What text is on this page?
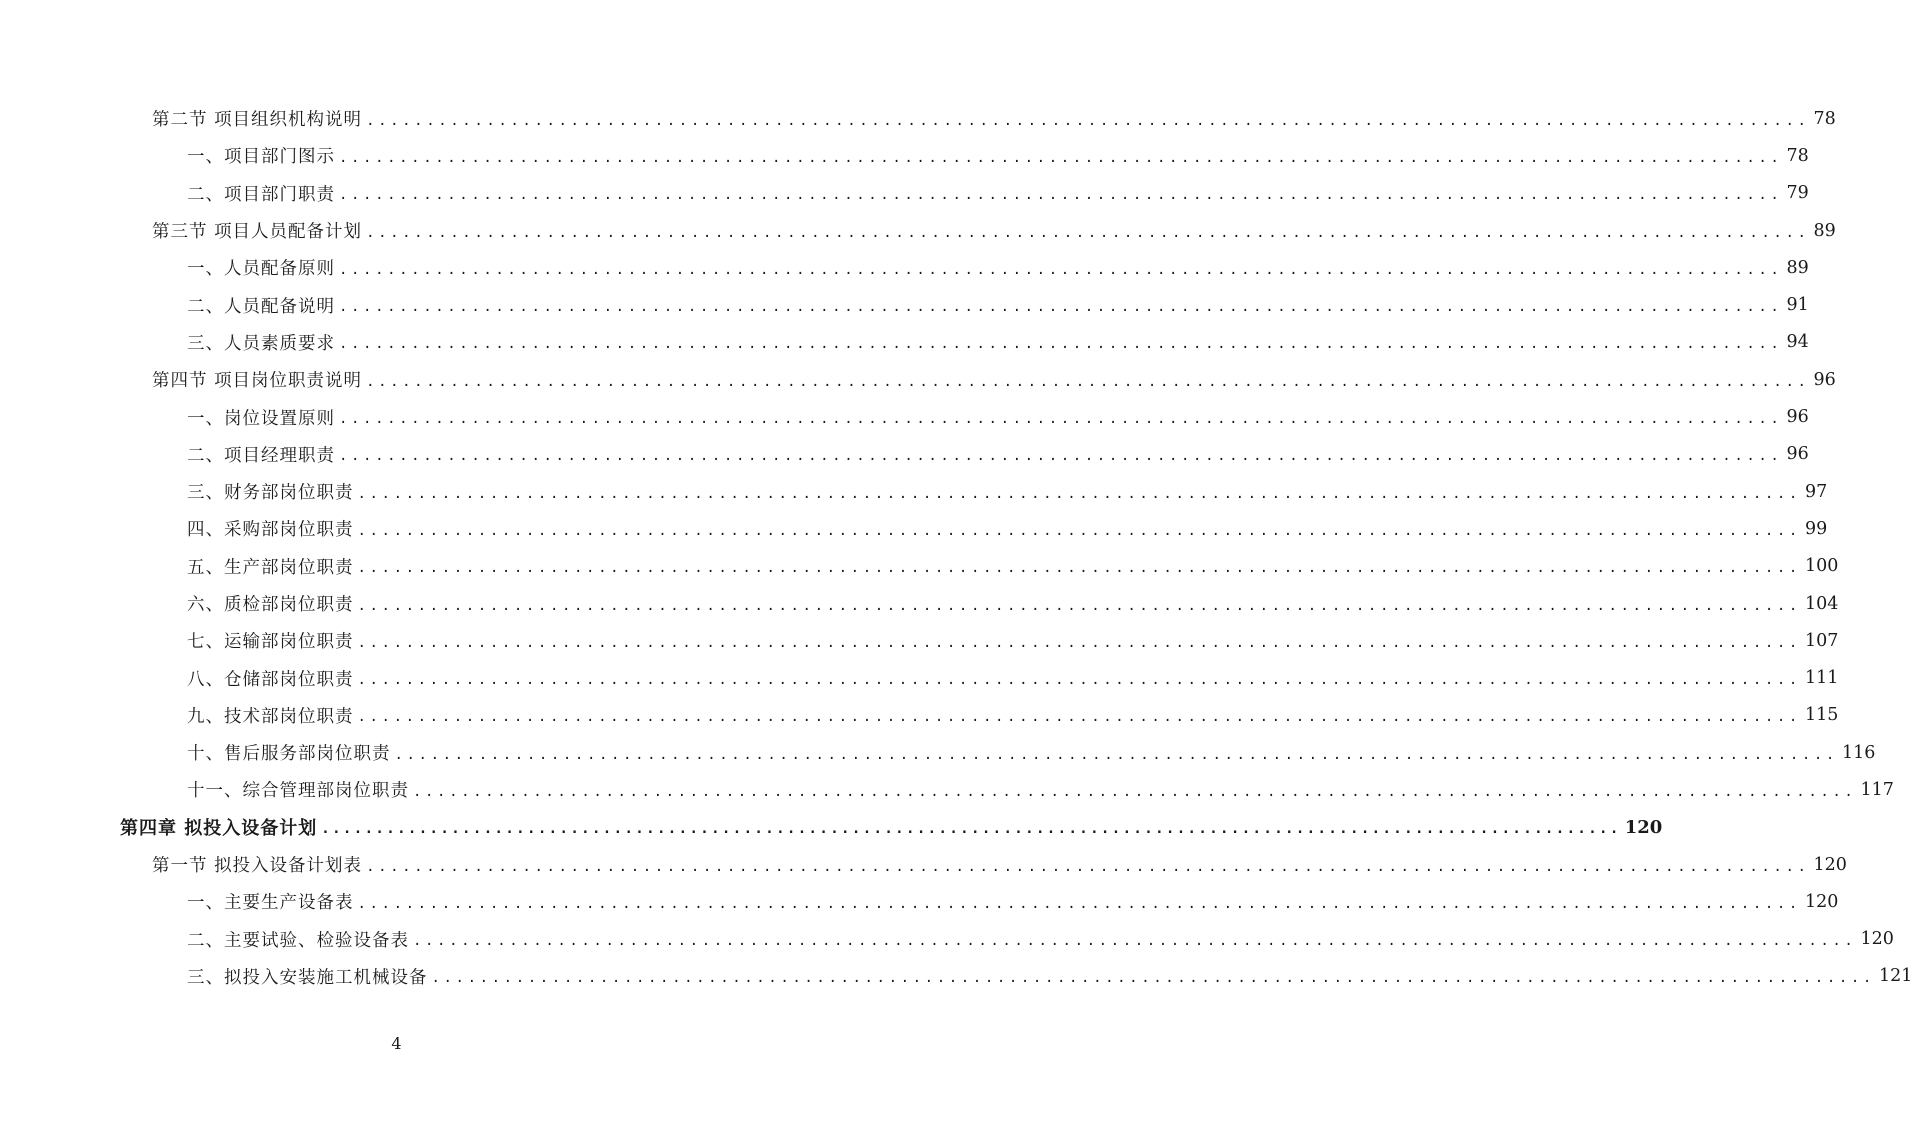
第二节 项目组织机构说明 ........................................................................................................................ 78
一、项目部门图示 ........................................................................................................................ 78
二、项目部门职责 ........................................................................................................................ 79
第三节 项目人员配备计划 ........................................................................................................................ 89
一、人员配备原则 ........................................................................................................................ 89
二、人员配备说明 ........................................................................................................................ 91
三、人员素质要求 ........................................................................................................................ 94
第四节 项目岗位职责说明 ........................................................................................................................ 96
一、岗位设置原则 ........................................................................................................................ 96
二、项目经理职责 ........................................................................................................................ 96
三、财务部岗位职责 ........................................................................................................................ 97
四、采购部岗位职责 ........................................................................................................................ 99
五、生产部岗位职责 ........................................................................................................................ 100
六、质检部岗位职责 ........................................................................................................................ 104
七、运输部岗位职责 ........................................................................................................................ 107
八、仓储部岗位职责 ........................................................................................................................ 111
九、技术部岗位职责 ........................................................................................................................ 115
十、售后服务部岗位职责 ........................................................................................................................ 116
十一、综合管理部岗位职责 ........................................................................................................................ 117
第四章 拟投入设备计划 ........................................................................................................................ 120
第一节 拟投入设备计划表 ........................................................................................................................ 120
一、主要生产设备表 ........................................................................................................................ 120
二、主要试验、检验设备表 ........................................................................................................................ 120
三、拟投入安装施工机械设备 ........................................................................................................................ 121
4
